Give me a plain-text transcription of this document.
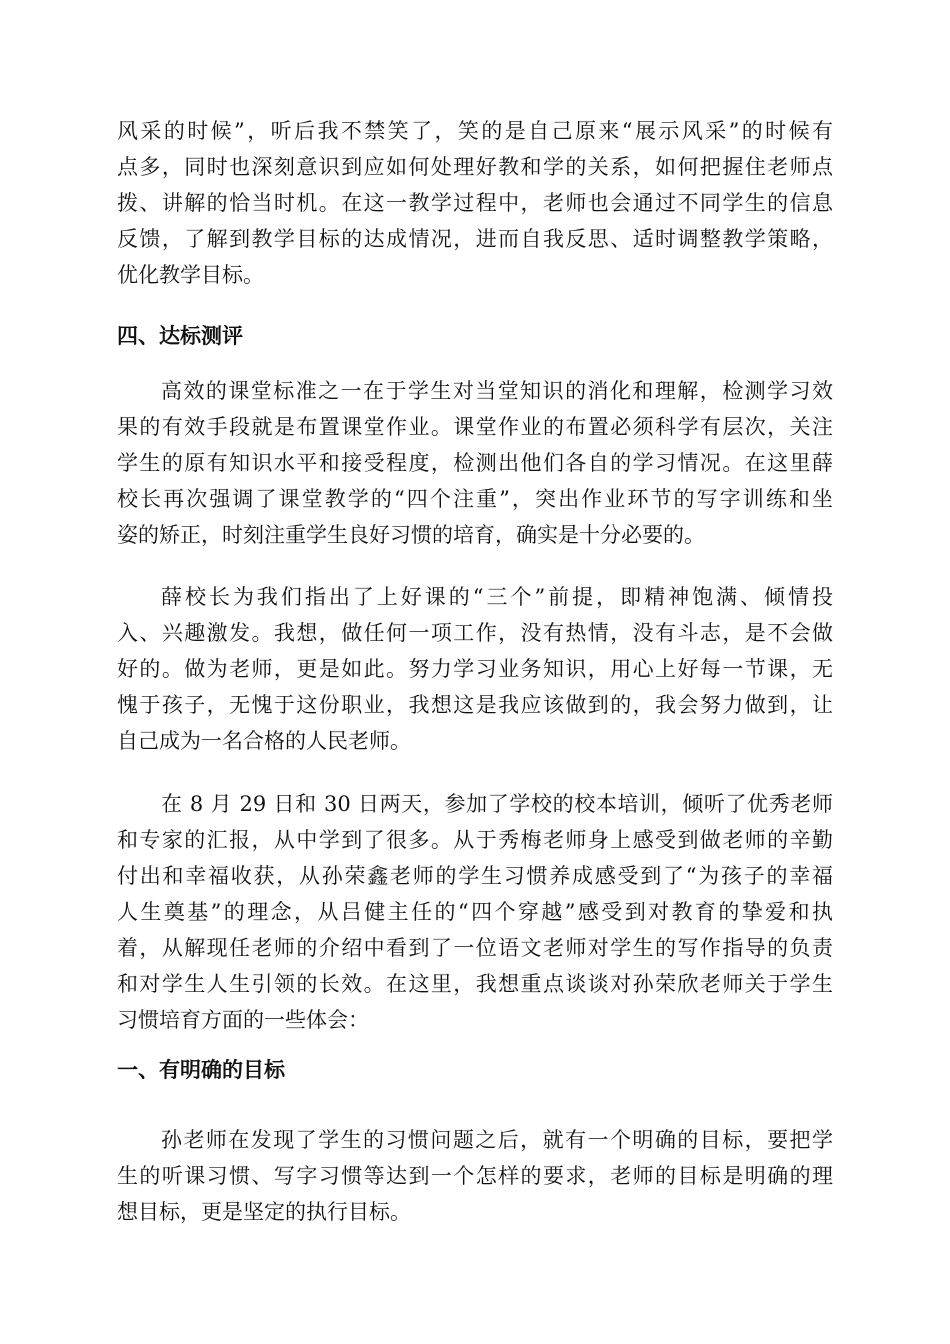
风采的时候”，听后我不禁笑了，笑的是自己原来“展示风采”的时候有
点多，同时也深刻意识到应如何处理好教和学的关系，如何把握住老师点
拨、讲解的恰当时机。在这一教学过程中，老师也会通过不同学生的信息
反馈，了解到教学目标的达成情况，进而自我反思、适时调整教学策略，
优化教学目标。
四、达标测评
高效的课堂标准之一在于学生对当堂知识的消化和理解，检测学习效
果的有效手段就是布置课堂作业。课堂作业的布置必须科学有层次，关注
学生的原有知识水平和接受程度，检测出他们各自的学习情况。在这里薛
校长再次强调了课堂教学的“四个注重”，突出作业环节的写字训练和坐
姿的矫正，时刻注重学生良好习惯的培育，确实是十分必要的。
薛校长为我们指出了上好课的“三个”前提，即精神饱满、倾情投
入、兴趣激发。我想，做任何一项工作，没有热情，没有斗志，是不会做
好的。做为老师，更是如此。努力学习业务知识，用心上好每一节课，无
愧于孩子，无愧于这份职业，我想这是我应该做到的，我会努力做到，让
自己成为一名合格的人民老师。
在 8 月 29 日和 30 日两天，参加了学校的校本培训，倾听了优秀老师
和专家的汇报，从中学到了很多。从于秀梅老师身上感受到做老师的辛勤
付出和幸福收获，从孙荣鑫老师的学生习惯养成感受到了“为孩子的幸福
人生奠基”的理念，从吕健主任的“四个穿越”感受到对教育的挚爱和执
着，从解现任老师的介绍中看到了一位语文老师对学生的写作指导的负责
和对学生人生引领的长效。在这里，我想重点谈谈对孙荣欣老师关于学生
习惯培育方面的一些体会：
一、有明确的目标
孙老师在发现了学生的习惯问题之后，就有一个明确的目标，要把学
生的听课习惯、写字习惯等达到一个怎样的要求，老师的目标是明确的理
想目标，更是坚定的执行目标。
